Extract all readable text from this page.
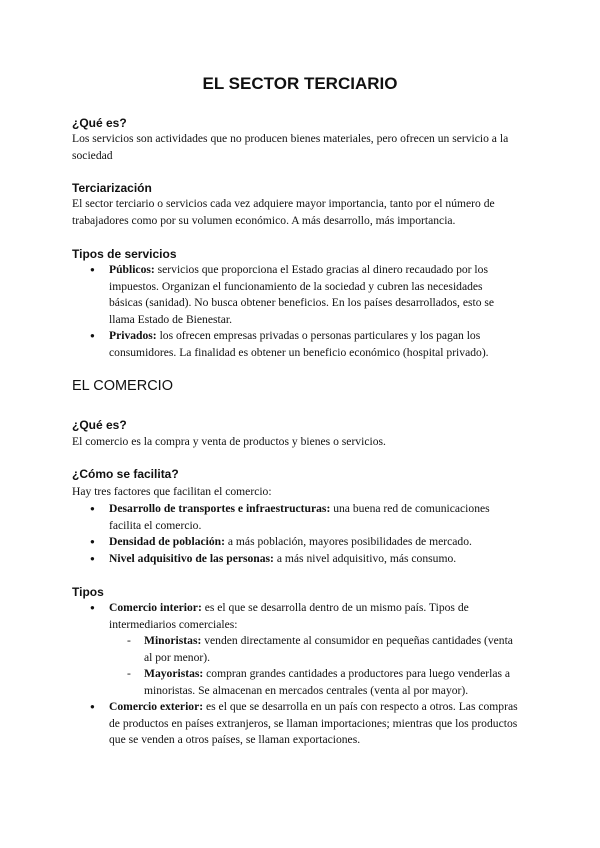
EL SECTOR TERCIARIO
¿Qué es?

Los servicios son actividades que no producen bienes materiales, pero ofrecen un servicio a la sociedad

Terciarización

El sector terciario o servicios cada vez adquiere mayor importancia, tanto por el número de trabajadores como por su volumen económico. A más desarrollo, más importancia.

Tipos de servicios
● Públicos: servicios que proporciona el Estado gracias al dinero recaudado por los impuestos. Organizan el funcionamiento de la sociedad y cubren las necesidades básicas (sanidad). No busca obtener beneficios. En los países desarrollados, esto se llama Estado de Bienestar.
● Privados: los ofrecen empresas privadas o personas particulares y los pagan los consumidores. La finalidad es obtener un beneficio económico (hospital privado).
EL COMERCIO
¿Qué es?

El comercio es la compra y venta de productos y bienes o servicios.

¿Cómo se facilita?

Hay tres factores que facilitan el comercio:

● Desarrollo de transportes e infraestructuras: una buena red de comunicaciones facilita el comercio.
● Densidad de población: a más población, mayores posibilidades de mercado.
● Nivel adquisitivo de las personas: a más nivel adquisitivo, más consumo.
Tipos
● Comercio interior: es el que se desarrolla dentro de un mismo país. Tipos de intermediarios comerciales:
- Minoristas: venden directamente al consumidor en pequeñas cantidades (venta al por menor).
- Mayoristas: compran grandes cantidades a productores para luego venderlas a minoristas. Se almacenan en mercados centrales (venta al por mayor).
● Comercio exterior: es el que se desarrolla en un país con respecto a otros. Las compras de productos en países extranjeros, se llaman importaciones; mientras que los productos que se venden a otros países, se llaman exportaciones.
